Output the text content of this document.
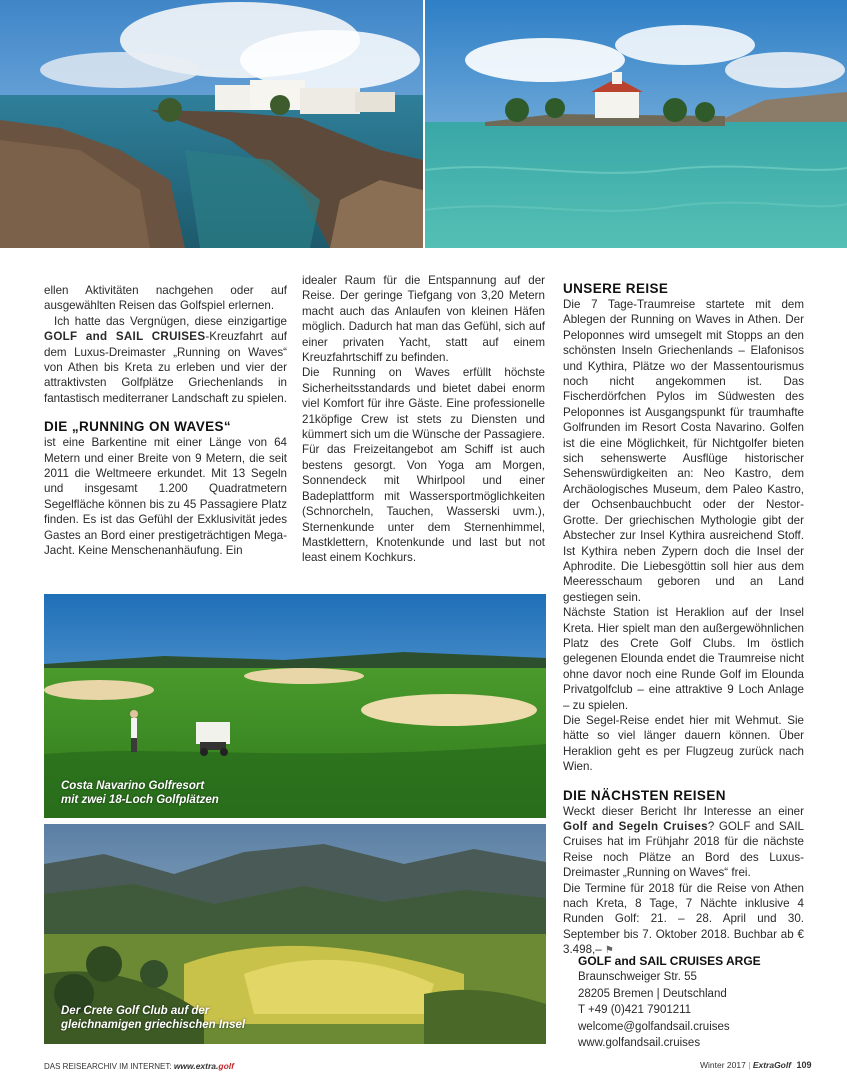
ellen Aktivitäten nachgehen oder auf ausgewählten Reisen das Golfspiel erlernen.

Ich hatte das Vergnügen, diese einzigartige GOLF and SAIL CRUISES-Kreuzfahrt auf dem Luxus-Dreimaster „Running on Waves“ von Athen bis Kreta zu erleben und vier der attraktivsten Golfplätze Griechenlands in fantastisch mediterraner Landschaft zu spielen.

DIE „RUNNING ON WAVES“

ist eine Barkentine mit einer Länge von 64 Metern und einer Breite von 9 Metern, die seit 2011 die Weltmeere erkundet. Mit 13 Segeln und insgesamt 1.200 Quadratmetern Segelfläche können bis zu 45 Passagiere Platz finden. Es ist das Gefühl der Exklusivität jedes Gastes an Bord einer prestigeträchtigen Mega-Jacht. Keine Menschenanhäufung. Ein

idealer Raum für die Entspannung auf der Reise. Der geringe Tiefgang von 3,20 Metern macht auch das Anlaufen von kleinen Häfen möglich. Dadurch hat man das Gefühl, sich auf einer privaten Yacht, statt auf einem Kreuzfahrtschiff zu befinden.

Die Running on Waves erfüllt höchste Sicherheitsstandards und bietet dabei enorm viel Komfort für ihre Gäste. Eine professionelle 21köpfige Crew ist stets zu Diensten und kümmert sich um die Wünsche der Passagiere. Für das Freizeitangebot am Schiff ist auch bestens gesorgt. Von Yoga am Morgen, Sonnendeck mit Whirlpool und einer Badeplattform mit Wassersportmöglichkeiten (Schnorcheln, Tauchen, Wasserski uvm.), Sternenkunde unter dem Sternenhimmel, Mastklettern, Knotenkunde und last but not least einem Kochkurs.

UNSERE REISE

Die 7 Tage-Traumreise startete mit dem Ablegen der Running on Waves in Athen. Der Peloponnes wird umsegelt mit Stopps an den schönsten Inseln Griechenlands – Elafonisos und Kythira, Plätze wo der Massentourismus noch nicht angekommen ist. Das Fischerdörfchen Pylos im Südwesten des Peloponnes ist Ausgangspunkt für traumhafte Golfrunden im Resort Costa Navarino. Golfen ist die eine Möglichkeit, für Nichtgolfer bieten sich sehenswerte Ausflüge historischer Sehenswürdigkeiten an: Neo Kastro, dem Archäologisches Museum, dem Paleo Kastro, der Ochsenbauchbucht oder der Nestor-Grotte. Der griechischen Mythologie gibt der Abstecher zur Insel Kythira ausreichend Stoff. Ist Kythira neben Zypern doch die Insel der Aphrodite. Die Liebesgöttin soll hier aus dem Meeresschaum geboren und an Land gestiegen sein.

Nächste Station ist Heraklion auf der Insel Kreta. Hier spielt man den außergewöhnlichen Platz des Crete Golf Clubs. Im östlich gelegenen Elounda endet die Traumreise nicht ohne davor noch eine Runde Golf im Elounda Privatgolfclub – eine attraktive 9 Loch Anlage – zu spielen.

Die Segel-Reise endet hier mit Wehmut. Sie hätte so viel länger dauern können. Über Heraklion geht es per Flugzeug zurück nach Wien.

DIE NÄCHSTEN REISEN

Weckt dieser Bericht Ihr Interesse an einer Golf and Segeln Cruises? GOLF and SAIL Cruises hat im Frühjahr 2018 für die nächste Reise noch Plätze an Bord des Luxus-Dreimaster „Running on Waves“ frei.

Die Termine für 2018 für die Reise von Athen nach Kreta, 8 Tage, 7 Nächte inklusive 4 Runden Golf: 21. – 28. April und 30. September bis 7. Oktober 2018. Buchbar ab € 3.498,– ⚑

Costa Navarino Golfresort
mit zwei 18-Loch Golfplätzen
Der Crete Golf Club auf der
gleichnamigen griechischen Insel
GOLF and SAIL CRUISES ARGE
Braunschweiger Str. 55
28205 Bremen | Deutschland
T +49 (0)421 7901211
welcome@golfandsail.cruises
www.golfandsail.cruises
DAS REISEARCHIV IM INTERNET: www.extra.golf	Winter 2017 | ExtraGolf 109
